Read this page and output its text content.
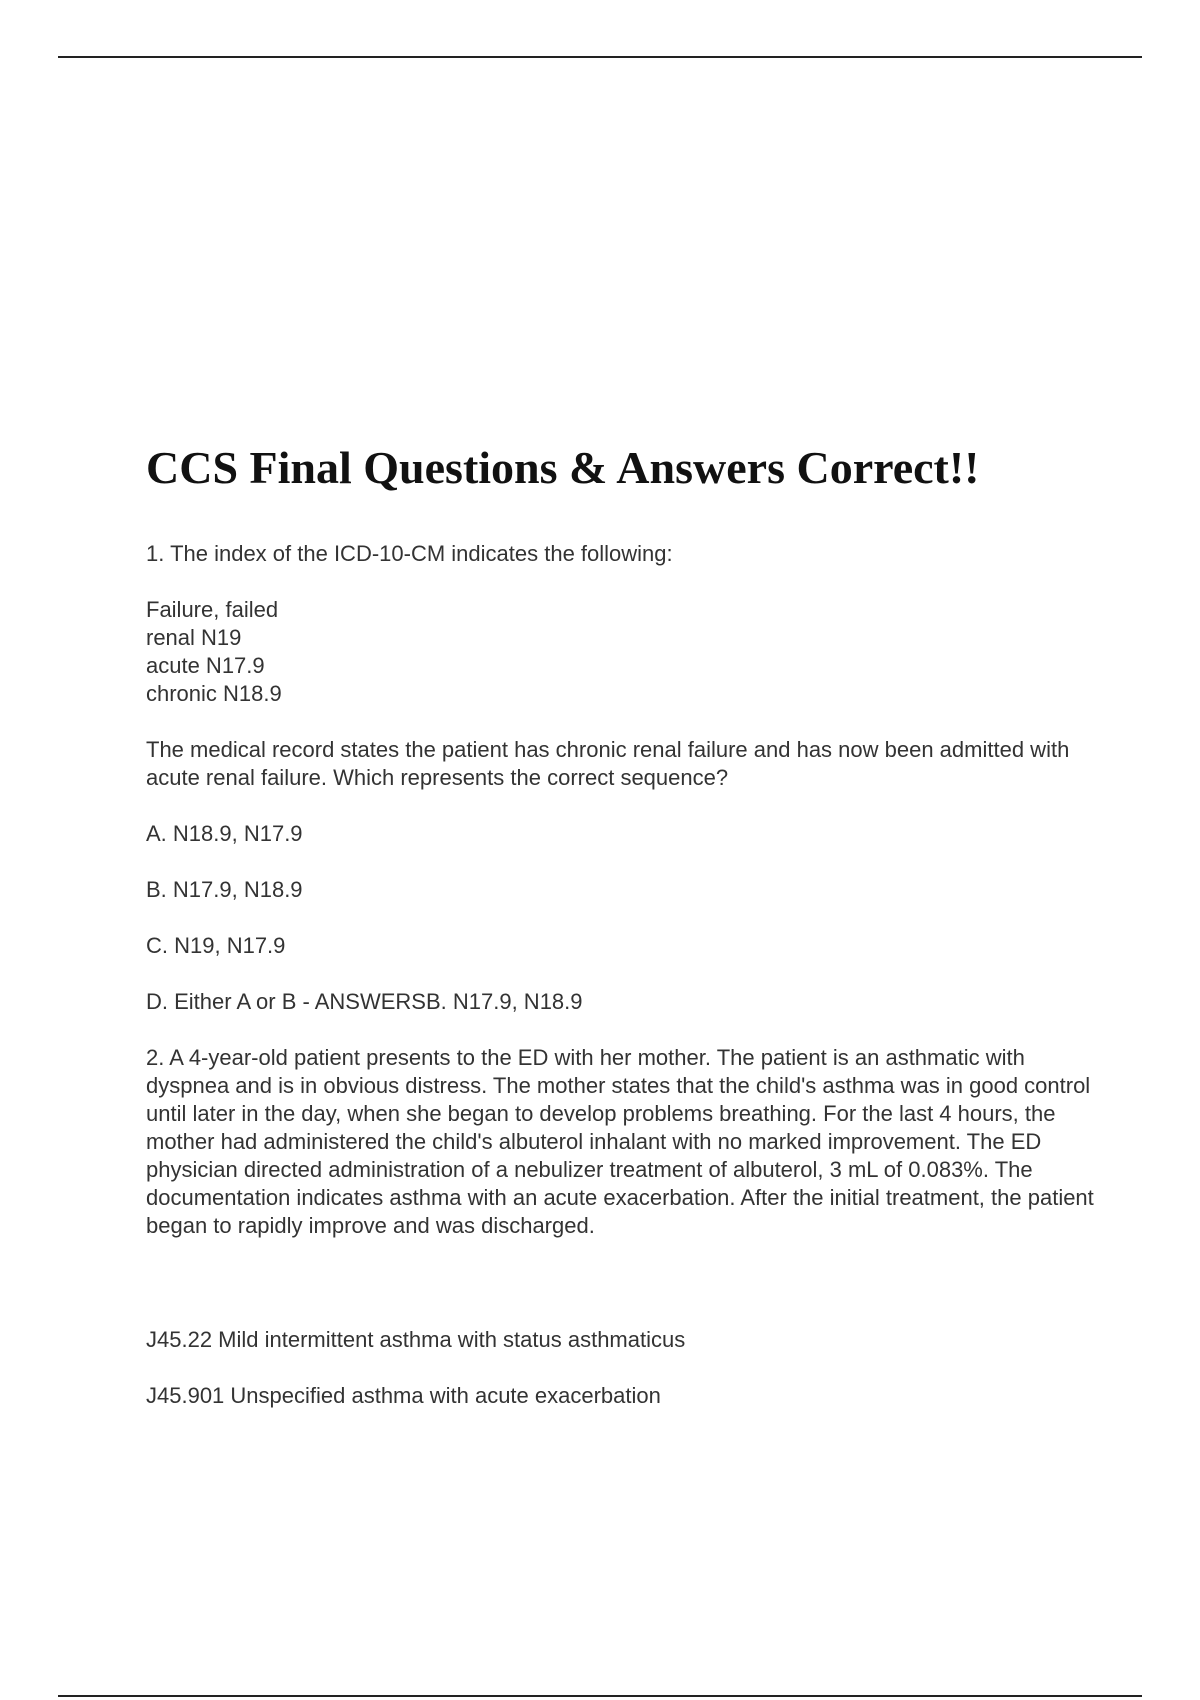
CCS Final Questions & Answers Correct!!
1. The index of the ICD-10-CM indicates the following:
Failure, failed
renal N19
acute N17.9
chronic N18.9
The medical record states the patient has chronic renal failure and has now been admitted with acute renal failure. Which represents the correct sequence?
A. N18.9, N17.9
B. N17.9, N18.9
C. N19, N17.9
D. Either A or B - ANSWERSB. N17.9, N18.9
2. A 4-year-old patient presents to the ED with her mother. The patient is an asthmatic with dyspnea and is in obvious distress. The mother states that the child's asthma was in good control until later in the day, when she began to develop problems breathing. For the last 4 hours, the mother had administered the child's albuterol inhalant with no marked improvement. The ED physician directed administration of a nebulizer treatment of albuterol, 3 mL of 0.083%. The documentation indicates asthma with an acute exacerbation. After the initial treatment, the patient began to rapidly improve and was discharged.
J45.22 Mild intermittent asthma with status asthmaticus
J45.901 Unspecified asthma with acute exacerbation
